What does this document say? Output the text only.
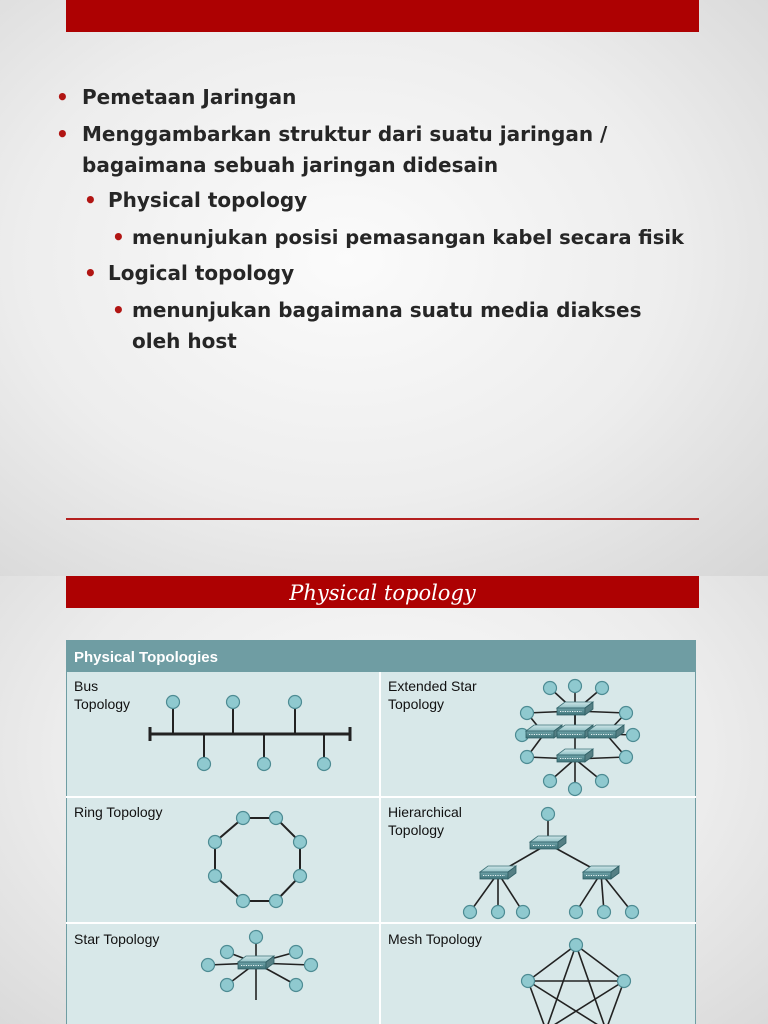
• Pemetaan Jaringan
• Menggambarkan struktur dari suatu jaringan /
bagaimana sebuah jaringan didesain
• Physical topology
• menunjukan posisi pemasangan kabel secara fisik
• Logical topology
• menunjukan bagaimana suatu media diakses
oleh host
Physical topology
Physical Topologies
Bus
Topology
Extended Star
Topology
Ring Topology	Hierarchical
Topology
Star Topology	Mesh Topology
